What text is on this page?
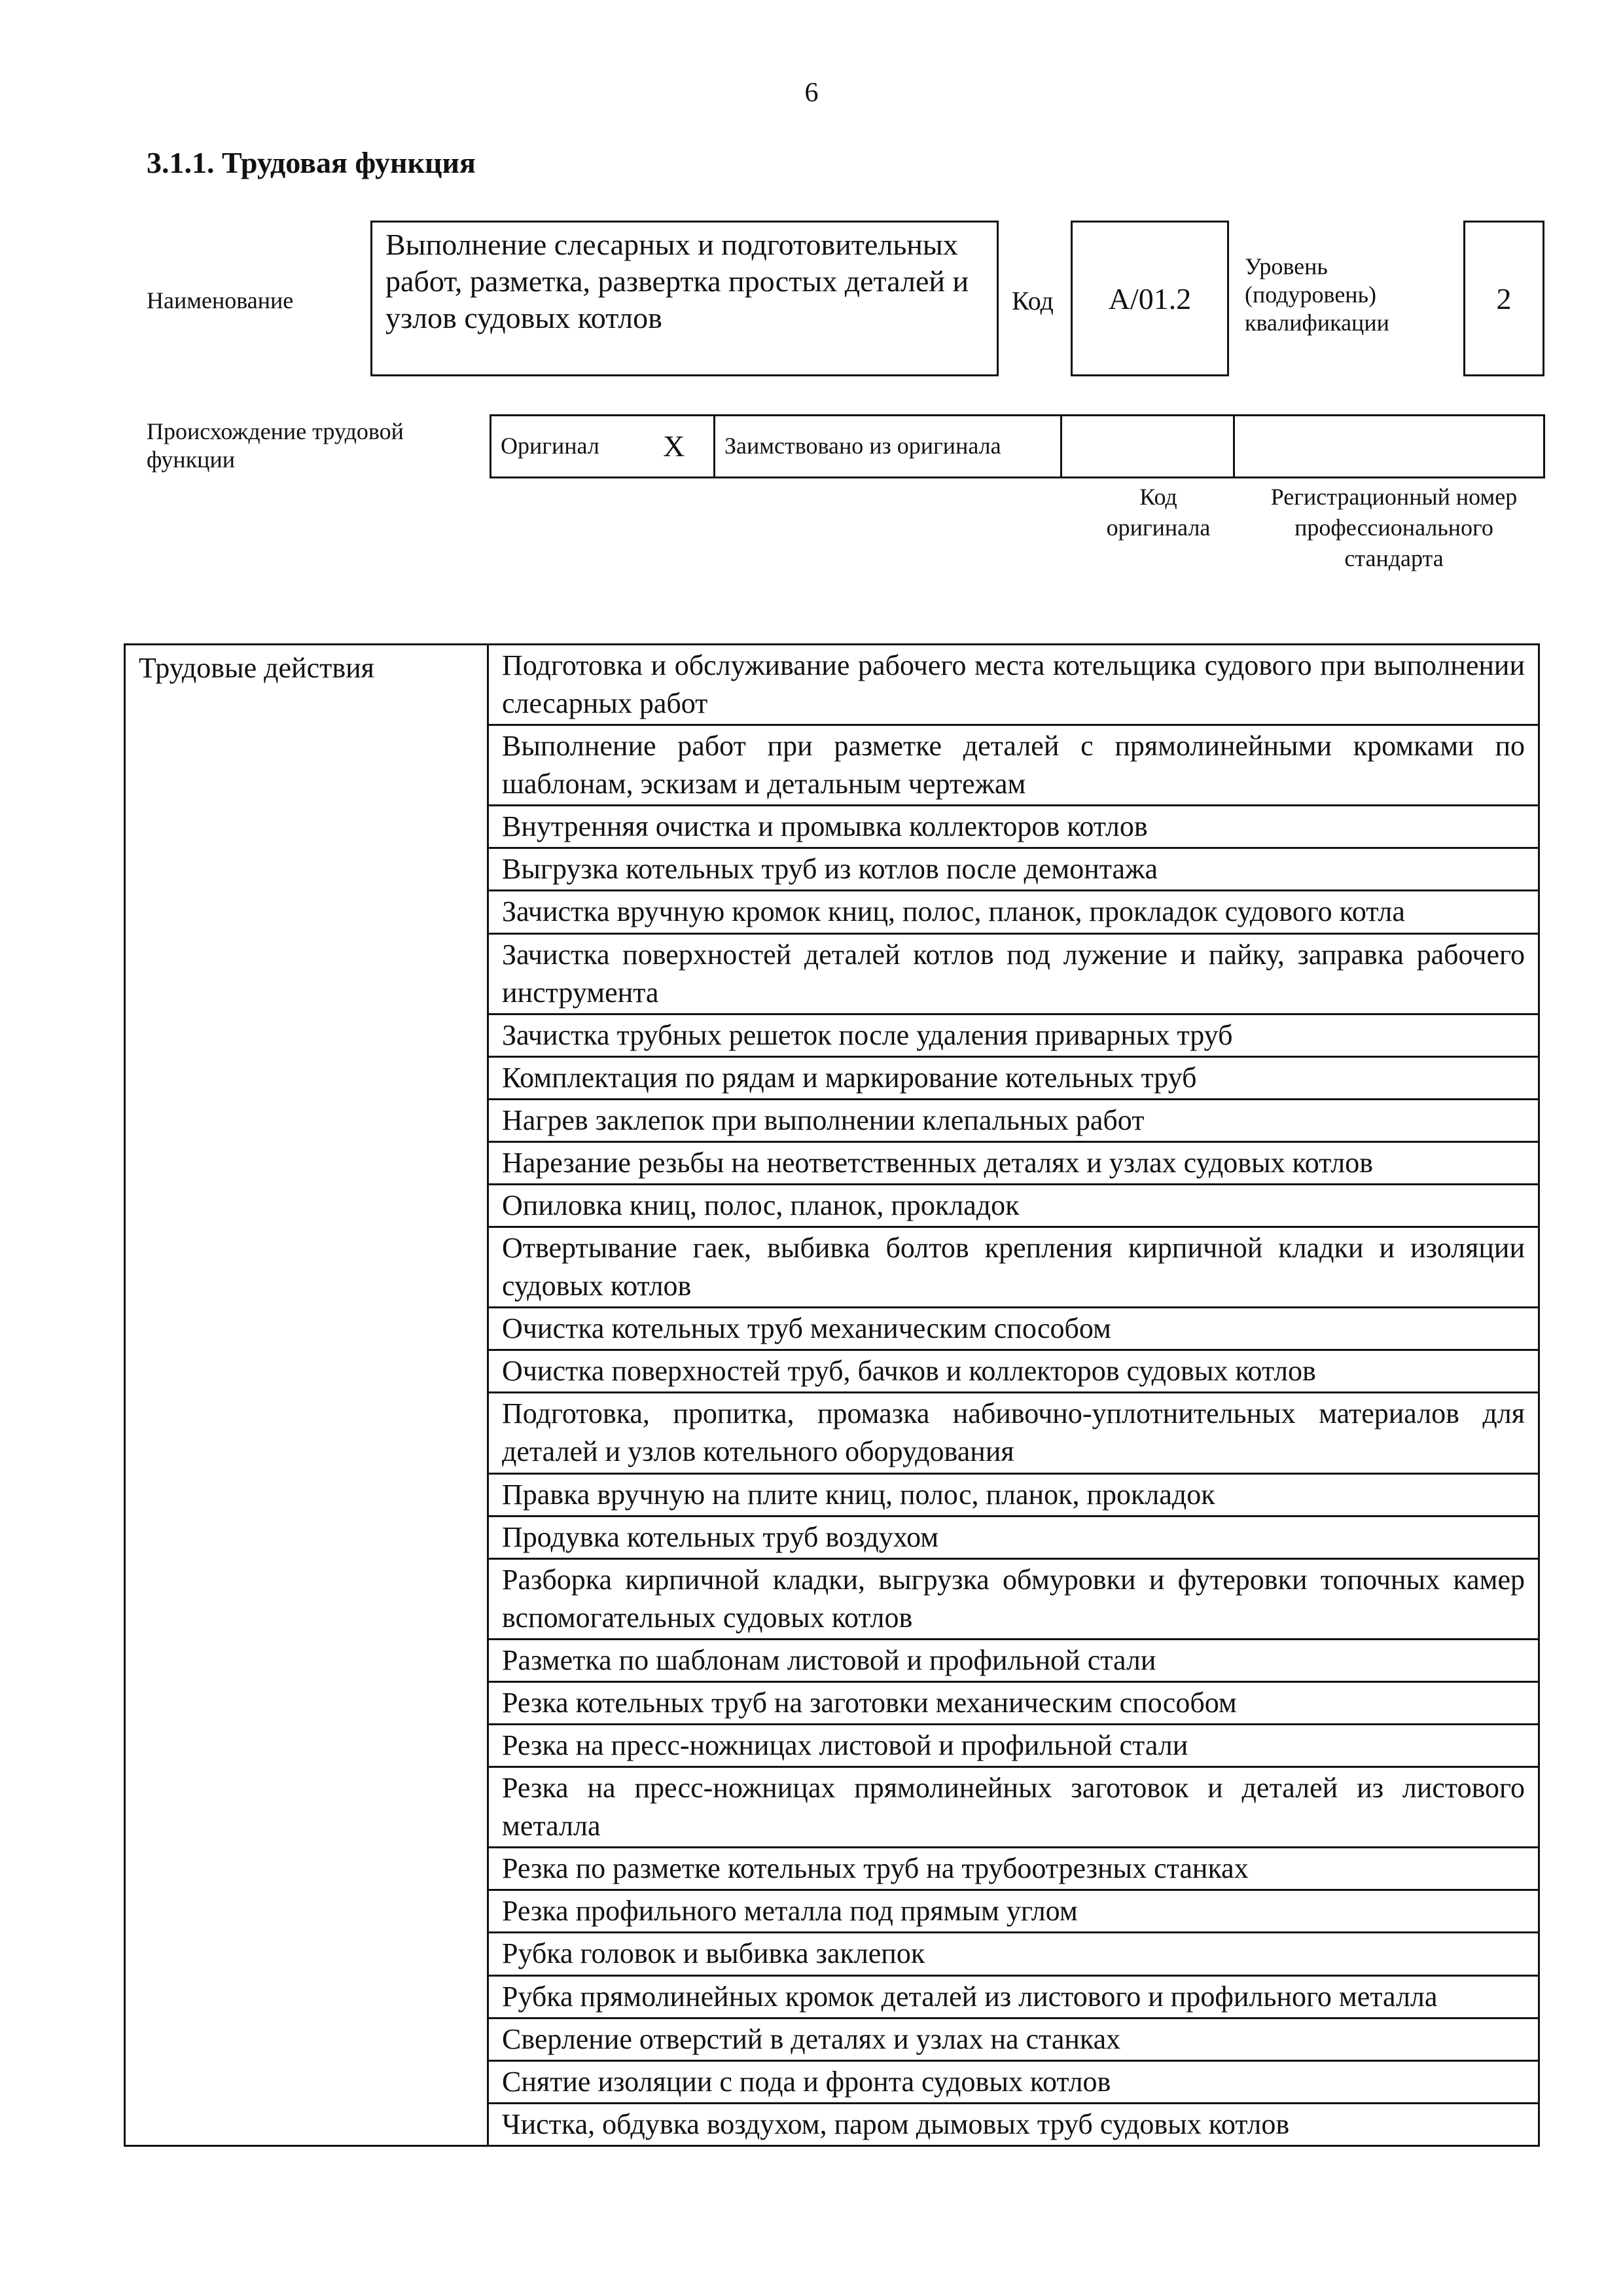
6
3.1.1. Трудовая функция
Наименование
Выполнение слесарных и подготовительных работ, разметка, развертка простых деталей и узлов судовых котлов
Код A/01.2
Уровень (подуровень) квалификации
2
Происхождение трудовой функции
Оригинал	X	Заимствовано из оригинала		
Код оригинала
Регистрационный номер профессионального стандарта
Трудовые действия	Подготовка и обслуживание рабочего места котельщика судового при выполнении слесарных работ
Выполнение работ при разметке деталей с прямолинейными кромками по шаблонам, эскизам и детальным чертежам
Внутренняя очистка и промывка коллекторов котлов
Выгрузка котельных труб из котлов после демонтажа
Зачистка вручную кромок книц, полос, планок, прокладок судового котла
Зачистка поверхностей деталей котлов под лужение и пайку, заправка рабочего инструмента
Зачистка трубных решеток после удаления приварных труб
Комплектация по рядам и маркирование котельных труб
Нагрев заклепок при выполнении клепальных работ
Нарезание резьбы на неответственных деталях и узлах судовых котлов
Опиловка книц, полос, планок, прокладок
Отвертывание гаек, выбивка болтов крепления кирпичной кладки и изоляции судовых котлов
Очистка котельных труб механическим способом
Очистка поверхностей труб, бачков и коллекторов судовых котлов
Подготовка, пропитка, промазка набивочно-уплотнительных материалов для деталей и узлов котельного оборудования
Правка вручную на плите книц, полос, планок, прокладок
Продувка котельных труб воздухом
Разборка кирпичной кладки, выгрузка обмуровки и футеровки топочных камер вспомогательных судовых котлов
Разметка по шаблонам листовой и профильной стали
Резка котельных труб на заготовки механическим способом
Резка на пресс-ножницах листовой и профильной стали
Резка на пресс-ножницах прямолинейных заготовок и деталей из листового металла
Резка по разметке котельных труб на трубоотрезных станках
Резка профильного металла под прямым углом
Рубка головок и выбивка заклепок
Рубка прямолинейных кромок деталей из листового и профильного металла
Сверление отверстий в деталях и узлах на станках
Снятие изоляции с пода и фронта судовых котлов
Чистка, обдувка воздухом, паром дымовых труб судовых котлов
